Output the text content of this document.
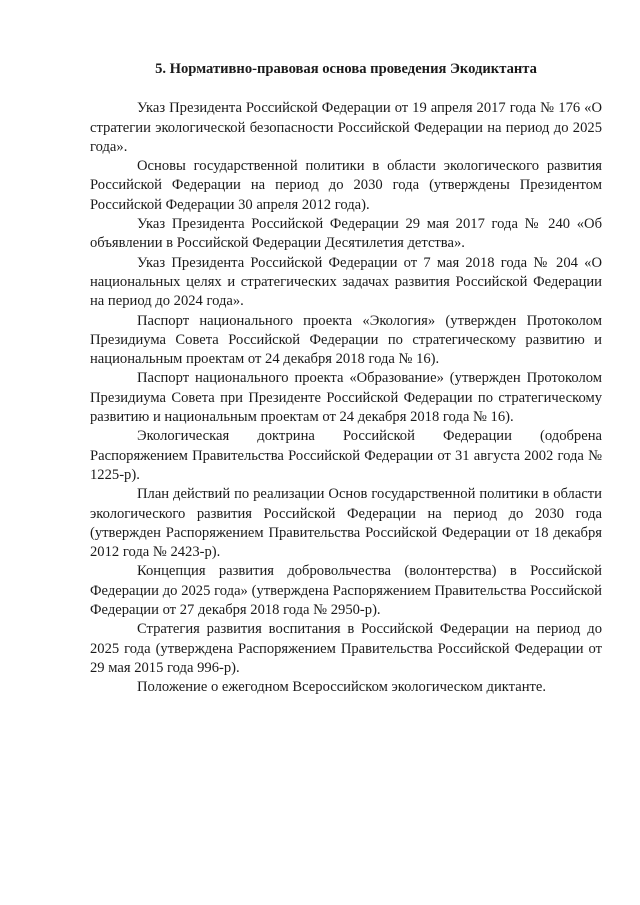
5. Нормативно-правовая основа проведения Экодиктанта

Указ Президента Российской Федерации от 19 апреля 2017 года № 176 «О стратегии экологической безопасности Российской Федерации на период до 2025 года».

Основы государственной политики в области экологического развития Российской Федерации на период до 2030 года (утверждены Президентом Российской Федерации 30 апреля 2012 года).

Указ Президента Российской Федерации 29 мая 2017 года № 240 «Об объявлении в Российской Федерации Десятилетия детства».

Указ Президента Российской Федерации от 7 мая 2018 года № 204 «О национальных целях и стратегических задачах развития Российской Федерации на период до 2024 года».

Паспорт национального проекта «Экология» (утвержден Протоколом Президиума Совета Российской Федерации по стратегическому развитию и национальным проектам от 24 декабря 2018 года № 16).

Паспорт национального проекта «Образование» (утвержден Протоколом Президиума Совета при Президенте Российской Федерации по стратегическому развитию и национальным проектам от 24 декабря 2018 года № 16).

Экологическая доктрина Российской Федерации (одобрена Распоряжением Правительства Российской Федерации от 31 августа 2002 года № 1225-р).

План действий по реализации Основ государственной политики в области экологического развития Российской Федерации на период до 2030 года (утвержден Распоряжением Правительства Российской Федерации от 18 декабря 2012 года № 2423-р).

Концепция развития добровольчества (волонтерства) в Российской Федерации до 2025 года» (утверждена Распоряжением Правительства Российской Федерации от 27 декабря 2018 года № 2950-р).

Стратегия развития воспитания в Российской Федерации на период до 2025 года (утверждена Распоряжением Правительства Российской Федерации от 29 мая 2015 года 996-р).

Положение о ежегодном Всероссийском экологическом диктанте.
